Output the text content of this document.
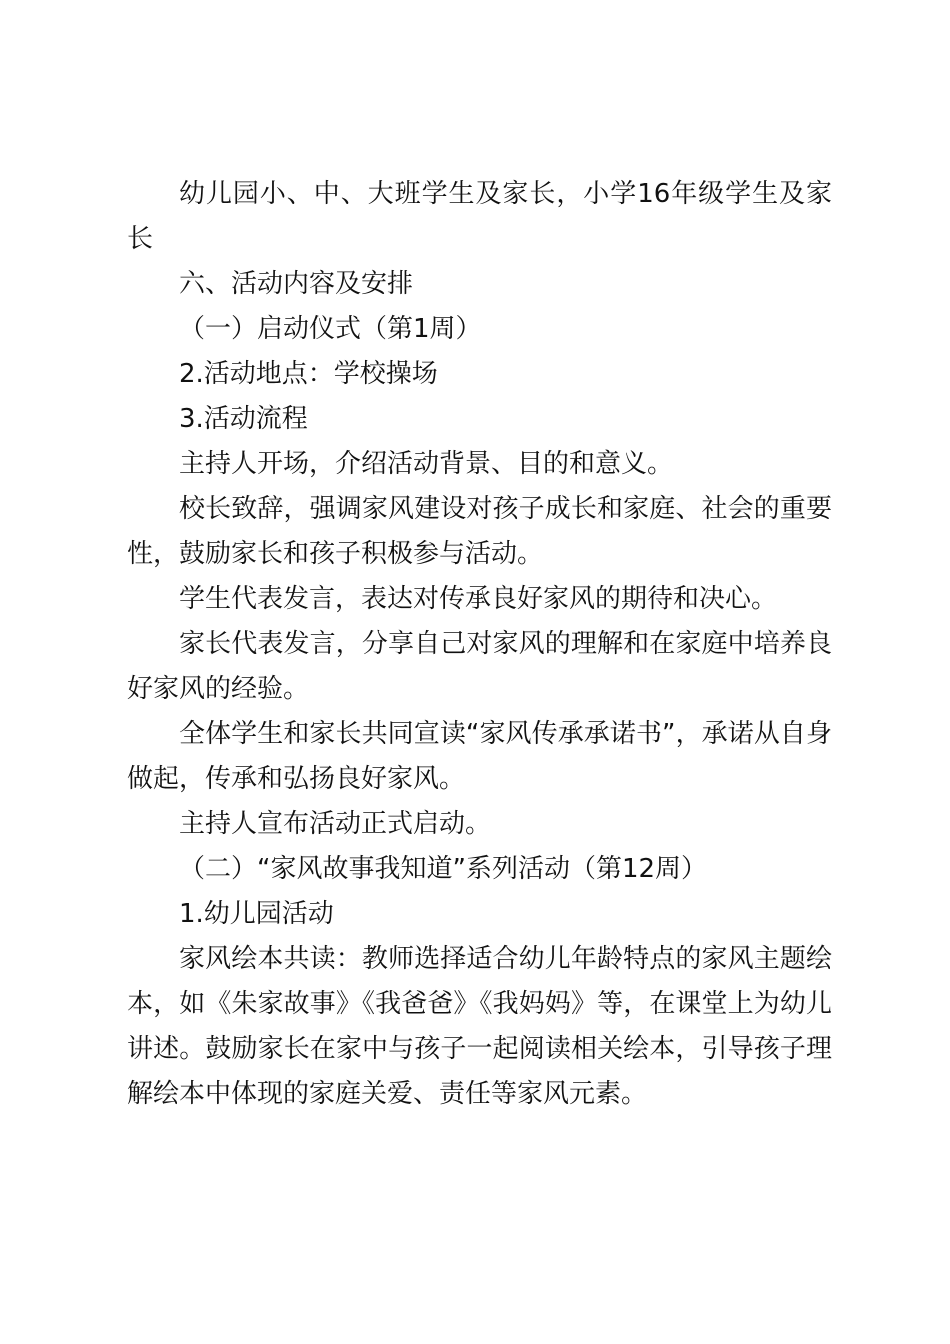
幼儿园小、中、大班学生及家长，小学16年级学生及家长

六、活动内容及安排

（一）启动仪式（第1周）

2.活动地点：学校操场

3.活动流程

主持人开场，介绍活动背景、目的和意义。

校长致辞，强调家风建设对孩子成长和家庭、社会的重要性，鼓励家长和孩子积极参与活动。

学生代表发言，表达对传承良好家风的期待和决心。

家长代表发言，分享自己对家风的理解和在家庭中培养良好家风的经验。

全体学生和家长共同宣读“家风传承承诺书”，承诺从自身做起，传承和弘扬良好家风。

主持人宣布活动正式启动。

（二）“家风故事我知道”系列活动（第12周）

1.幼儿园活动

家风绘本共读：教师选择适合幼儿年龄特点的家风主题绘本，如《朱家故事》《我爸爸》《我妈妈》等，在课堂上为幼儿讲述。鼓励家长在家中与孩子一起阅读相关绘本，引导孩子理解绘本中体现的家庭关爱、责任等家风元素。
